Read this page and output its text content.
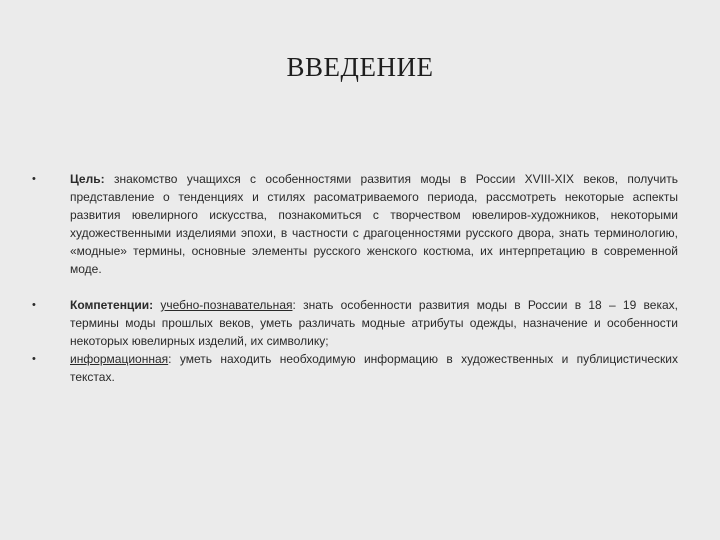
ВВЕДЕНИЕ
•	Цель: знакомство учащихся с особенностями развития моды в России XVIII-XIX веков, получить представление о тенденциях и стилях расоматриваемого периода, рассмотреть некоторые аспекты развития ювелирного искусства, познакомиться с творчеством ювелиров-художников, некоторыми художественными изделиями эпохи, в частности с драгоценностями русского двора, знать терминологию, «модные» термины, основные элементы русского женского костюма, их интерпретацию в современной моде.
•	Компетенции: учебно-познавательная: знать особенности развития моды в России в 18 – 19 веках, термины моды прошлых веков, уметь различать модные атрибуты одежды, назначение и особенности некоторых ювелирных изделий, их символику;
•	информационная: уметь находить необходимую информацию в художественных и публицистических текстах.
